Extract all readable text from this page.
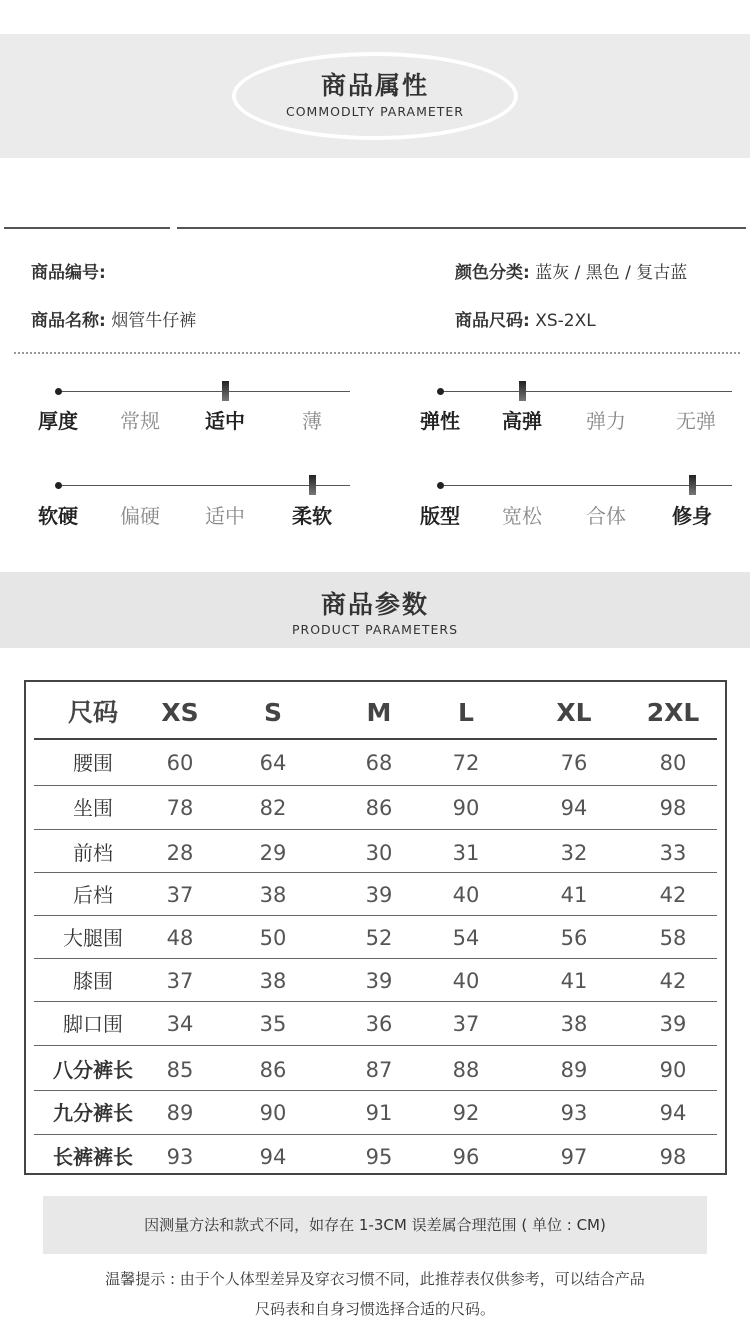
商品属性
COMMODLTY PARAMETER
商品编号:	颜色分类: 蓝灰 / 黑色 / 复古蓝
商品名称: 烟管牛仔裤	商品尺码: XS-2XL
厚度	常规	适中	薄	弹性	高弹	弹力	无弹
软硬	偏硬	适中	柔软	版型	宽松	合体	修身
商品参数
PRODUCT PARAMETERS
尺码	XS	S	M	L	XL	2XL
腰围	60	64	68	72	76	80
坐围	78	82	86	90	94	98
前档	28	29	30	31	32	33
后档	37	38	39	40	41	42
大腿围	48	50	52	54	56	58
膝围	37	38	39	40	41	42
脚口围	34	35	36	37	38	39
八分裤长	85	86	87	88	89	90
九分裤长	89	90	91	92	93	94
长裤裤长	93	94	95	96	97	98
因测量方法和款式不同，如存在 1-3CM 误差属合理范围 ( 单位 : CM)
温馨提示 : 由于个人体型差异及穿衣习惯不同，此推荐表仅供参考，可以结合产品
尺码表和自身习惯选择合适的尺码。
